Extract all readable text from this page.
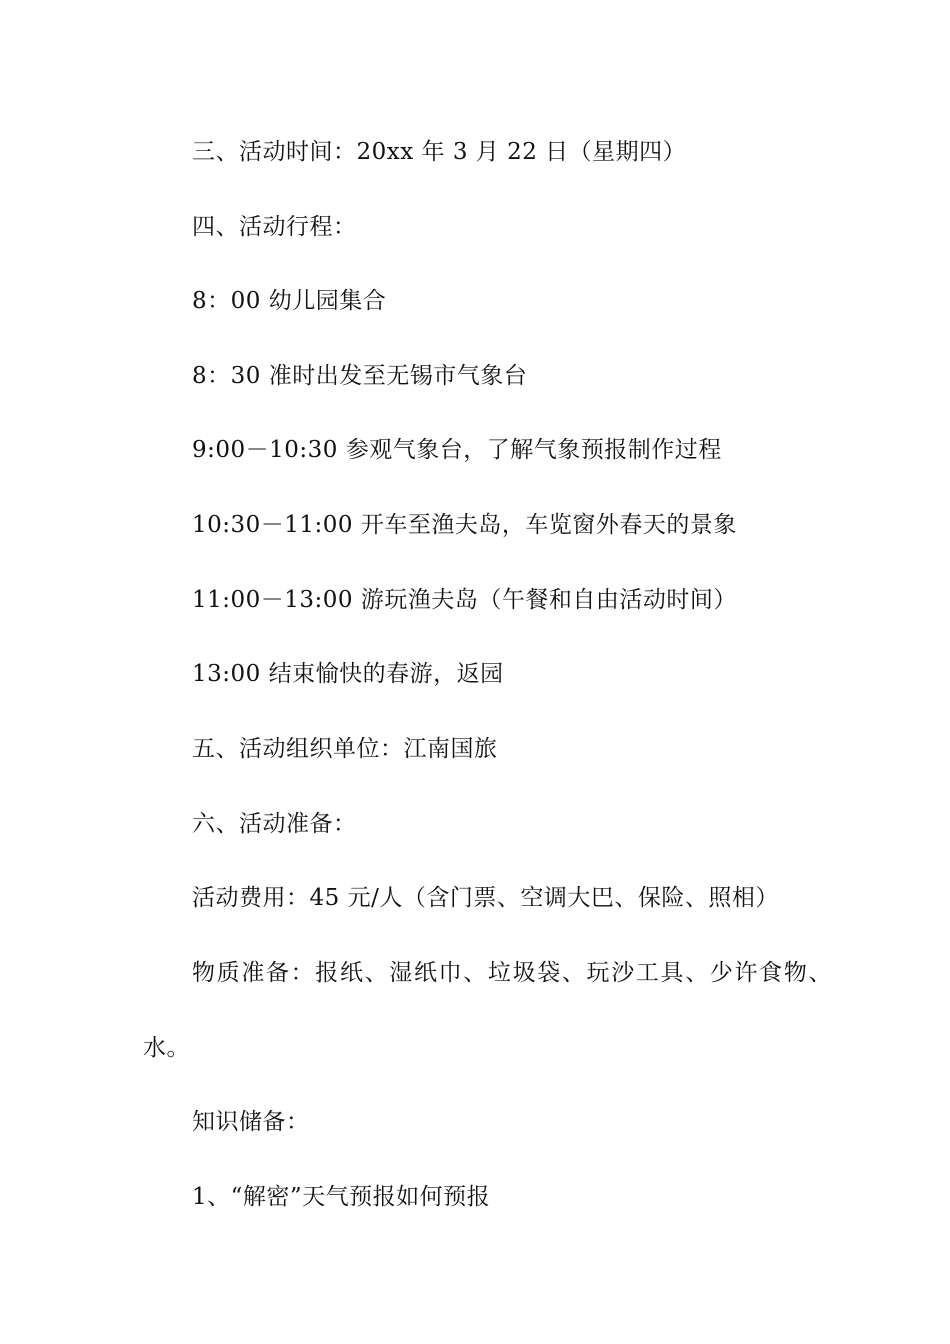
三、活动时间：20xx 年 3 月 22 日（星期四）
四、活动行程：
8：00 幼儿园集合
8：30 准时出发至无锡市气象台
9:00－10:30 参观气象台，了解气象预报制作过程
10:30－11:00 开车至渔夫岛，车览窗外春天的景象
11:00－13:00 游玩渔夫岛（午餐和自由活动时间）
13:00 结束愉快的春游，返园
五、活动组织单位：江南国旅
六、活动准备：
活动费用：45 元/人（含门票、空调大巴、保险、照相）
物质准备：报纸、湿纸巾、垃圾袋、玩沙工具、少许食物、
水。
知识储备：
1、“解密”天气预报如何预报
